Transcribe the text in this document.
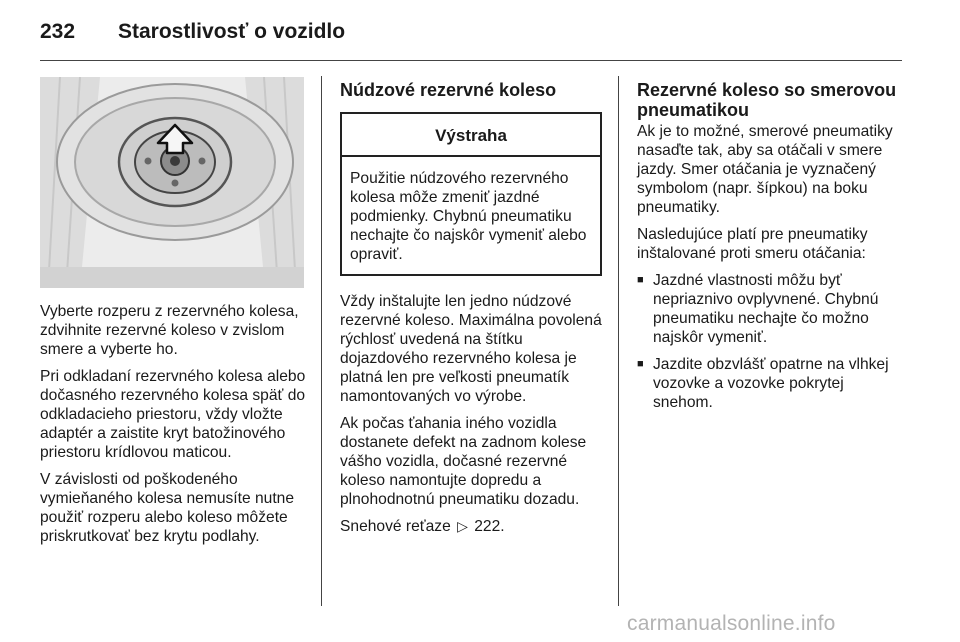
232 Starostlivosť o vozidlo

Vyberte rozperu z rezervného kolesa, zdvihnite rezervné koleso v zvislom smere a vyberte ho.

Pri odkladaní rezervného kolesa alebo dočasného rezervného kolesa späť do odkladacieho priestoru, vždy vložte adaptér a zaistite kryt batožinového priestoru krídlovou maticou.

V závislosti od poškodeného vymieňaného kolesa nemusíte nutne použiť rozperu alebo koleso môžete priskrutkovať bez krytu podlahy.

Núdzové rezervné koleso
Výstraha
Použitie núdzového rezervného kolesa môže zmeniť jazdné podmienky. Chybnú pneumatiku nechajte čo najskôr vymeniť alebo opraviť.

Vždy inštalujte len jedno núdzové rezervné koleso. Maximálna povolená rýchlosť uvedená na štítku dojazdového rezervného kolesa je platná len pre veľkosti pneumatík namontovaných vo výrobe.

Ak počas ťahania iného vozidla dostanete defekt na zadnom kolese vášho vozidla, dočasné rezervné koleso namontujte dopredu a plnohodnotnú pneumatiku dozadu.

Snehové reťaze ▷ 222.

Rezervné koleso so smerovou pneumatikou

Ak je to možné, smerové pneumatiky nasaďte tak, aby sa otáčali v smere jazdy. Smer otáčania je vyznačený symbolom (napr. šípkou) na boku pneumatiky.

Nasledujúce platí pre pneumatiky inštalované proti smeru otáčania:

■ Jazdné vlastnosti môžu byť nepriaznivo ovplyvnené. Chybnú pneumatiku nechajte čo možno najskôr vymeniť.
■ Jazdite obzvlášť opatrne na vlhkej vozovke a vozovke pokrytej snehom.
carmanualsonline.info
